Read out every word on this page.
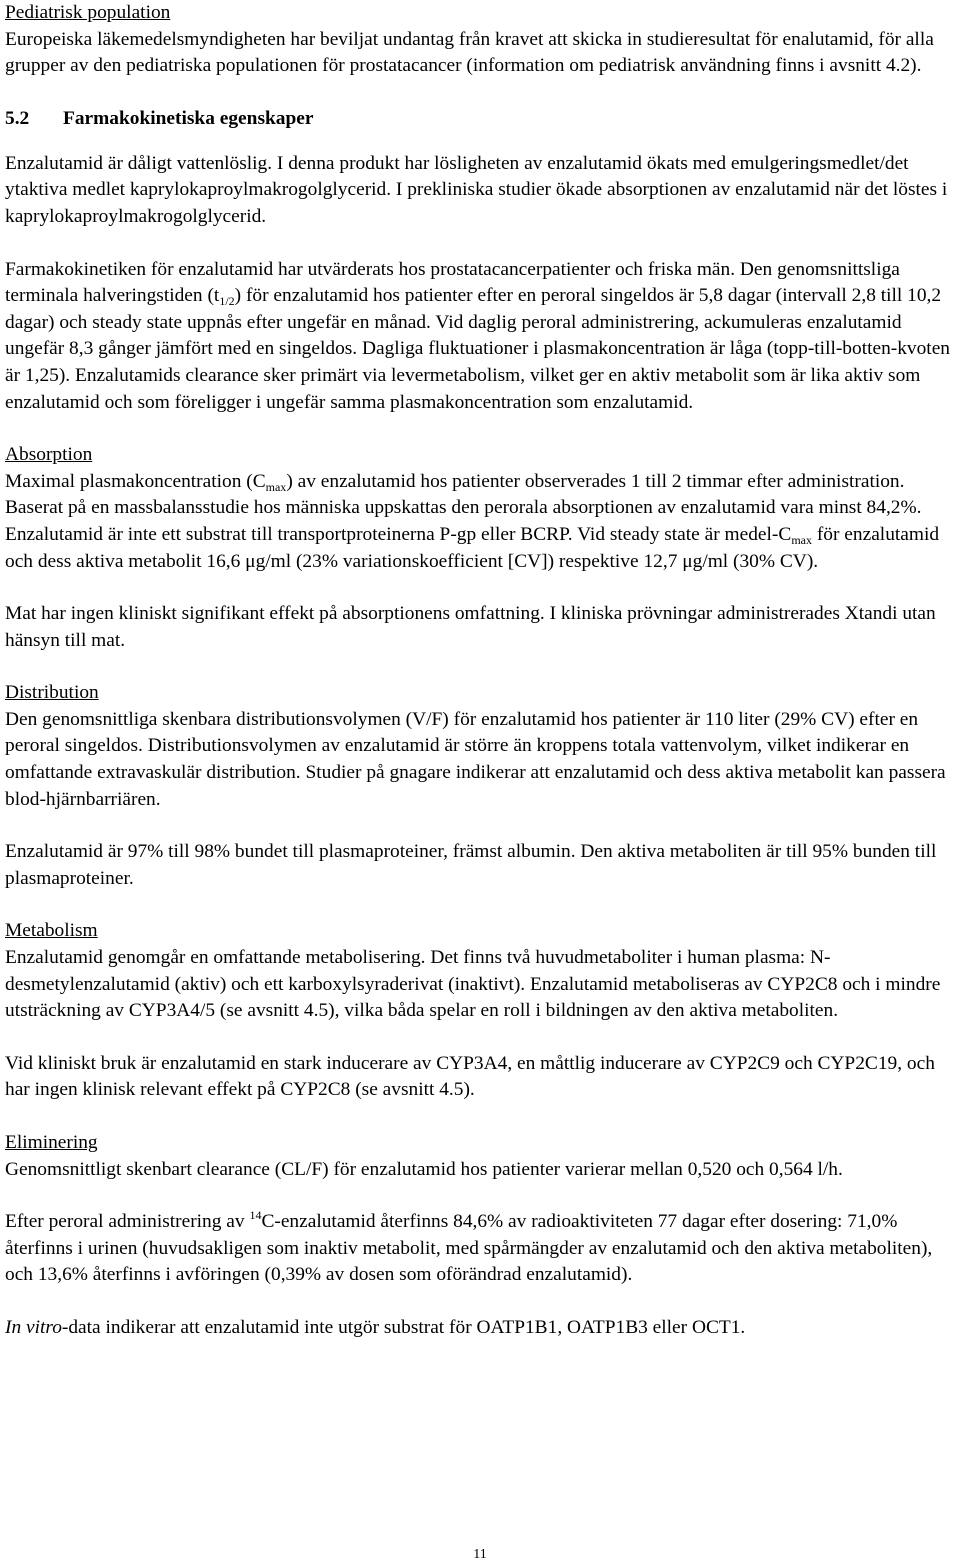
Pediatrisk population

Europeiska läkemedelsmyndigheten har beviljat undantag från kravet att skicka in studieresultat för enalutamid, för alla grupper av den pediatriska populationen för prostatacancer (information om pediatrisk användning finns i avsnitt 4.2).

5.2 Farmakokinetiska egenskaper

Enzalutamid är dåligt vattenlöslig. I denna produkt har lösligheten av enzalutamid ökats med emulgeringsmedlet/det ytaktiva medlet kaprylokaproylmakrogolglycerid. I prekliniska studier ökade absorptionen av enzalutamid när det löstes i kaprylokaproylmakrogolglycerid.

Farmakokinetiken för enzalutamid har utvärderats hos prostatacancerpatienter och friska män. Den genomsnittsliga terminala halveringstiden $(t_{1/2})$ för enzalutamid hos patienter efter en peroral singeldos är 5,8 dagar (intervall 2,8 till 10,2 dagar) och steady state uppnås efter ungefär en månad. Vid daglig peroral administrering, ackumuleras enzalutamid ungefär 8,3 gånger jämfört med en singeldos. Dagliga fluktuationer i plasmakoncentration är låga (topp-till-botten-kvoten är 1,25). Enzalutamids clearance sker primärt via levermetabolism, vilket ger en aktiv metabolit som är lika aktiv som enzalutamid och som föreligger i ungefär samma plasmakoncentration som enzalutamid.

Absorption

Maximal plasmakoncentration $(C_{max})$ av enzalutamid hos patienter observerades 1 till 2 timmar efter administration. Baserat på en massbalansstudie hos människa uppskattas den perorala absorptionen av enzalutamid vara minst 84,2%. Enzalutamid är inte ett substrat till transportproteinerna P-gp eller BCRP. Vid steady state är medel-$C_{max}$ för enzalutamid och dess aktiva metabolit 16,6 μg/ml (23% variationskoefficient [CV]) respektive 12,7 μg/ml (30% CV).

Mat har ingen kliniskt signifikant effekt på absorptionens omfattning. I kliniska prövningar administrerades Xtandi utan hänsyn till mat.

Distribution

Den genomsnittliga skenbara distributionsvolymen (V/F) för enzalutamid hos patienter är 110 liter (29% CV) efter en peroral singeldos. Distributionsvolymen av enzalutamid är större än kroppens totala vattenvolym, vilket indikerar en omfattande extravaskulär distribution. Studier på gnagare indikerar att enzalutamid och dess aktiva metabolit kan passera blod-hjärnbarriären.

Enzalutamid är 97% till 98% bundet till plasmaproteiner, främst albumin. Den aktiva metaboliten är till 95% bunden till plasmaproteiner.

Metabolism

Enzalutamid genomgår en omfattande metabolisering. Det finns två huvudmetaboliter i human plasma: N-desmetylenzalutamid (aktiv) och ett karboxylsyraderivat (inaktivt). Enzalutamid metaboliseras av CYP2C8 och i mindre utsträckning av CYP3A4/5 (se avsnitt 4.5), vilka båda spelar en roll i bildningen av den aktiva metaboliten.

Vid kliniskt bruk är enzalutamid en stark inducerare av CYP3A4, en måttlig inducerare av CYP2C9 och CYP2C19, och har ingen klinisk relevant effekt på CYP2C8 (se avsnitt 4.5).

Eliminering

Genomsnittligt skenbart clearance (CL/F) för enzalutamid hos patienter varierar mellan 0,520 och 0,564 l/h.

Efter peroral administrering av $^{14}$C-enzalutamid återfinns 84,6% av radioaktiviteten 77 dagar efter dosering: 71,0% återfinns i urinen (huvudsakligen som inaktiv metabolit, med spårmängder av enzalutamid och den aktiva metaboliten), och 13,6% återfinns i avföringen (0,39% av dosen som oförändrad enzalutamid).

In vitro-data indikerar att enzalutamid inte utgör substrat för OATP1B1, OATP1B3 eller OCT1.

11
